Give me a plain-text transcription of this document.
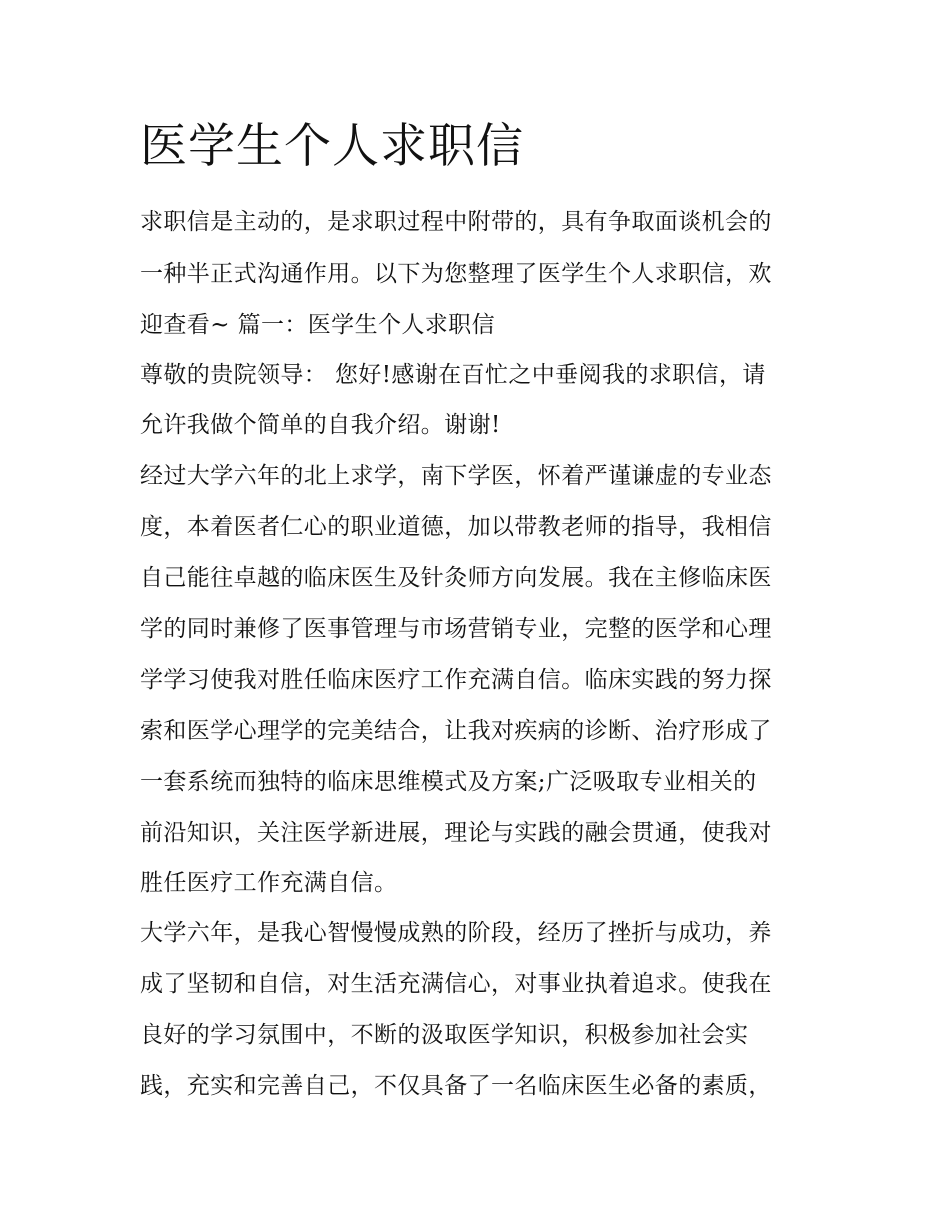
医学生个人求职信

求职信是主动的，是求职过程中附带的，具有争取面谈机会的

一种半正式沟通作用。以下为您整理了医学生个人求职信，欢

迎查看~ 篇一：医学生个人求职信

尊敬的贵院领导： 您好!感谢在百忙之中垂阅我的求职信，请

允许我做个简单的自我介绍。谢谢!

经过大学六年的北上求学，南下学医，怀着严谨谦虚的专业态

度，本着医者仁心的职业道德，加以带教老师的指导，我相信

自己能往卓越的临床医生及针灸师方向发展。我在主修临床医

学的同时兼修了医事管理与市场营销专业，完整的医学和心理

学学习使我对胜任临床医疗工作充满自信。临床实践的努力探

索和医学心理学的完美结合，让我对疾病的诊断、治疗形成了

一套系统而独特的临床思维模式及方案;广泛吸取专业相关的

前沿知识，关注医学新进展，理论与实践的融会贯通，使我对

胜任医疗工作充满自信。

大学六年，是我心智慢慢成熟的阶段，经历了挫折与成功，养

成了坚韧和自信，对生活充满信心，对事业执着追求。使我在

良好的学习氛围中，不断的汲取医学知识，积极参加社会实

践，充实和完善自己，不仅具备了一名临床医生必备的素质，
